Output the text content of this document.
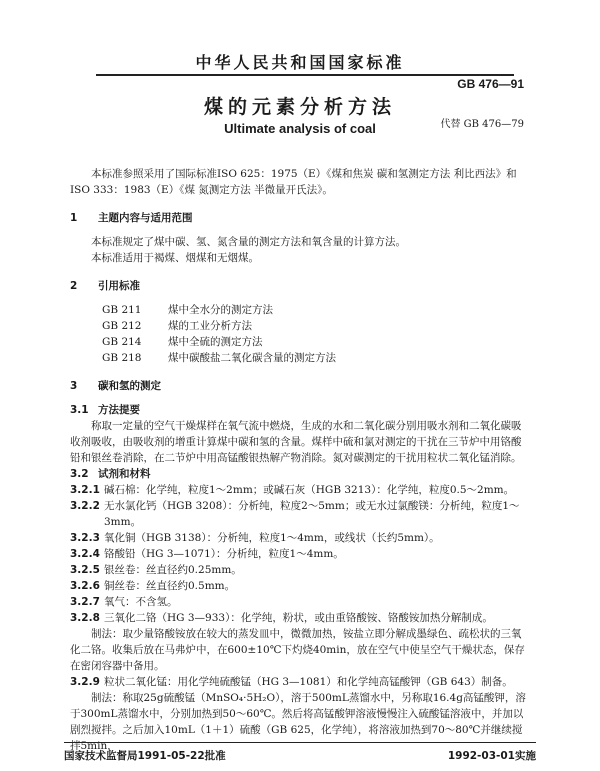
中华人民共和国国家标准
GB 476—91
煤的元素分析方法
代替 GB 476—79
Ultimate analysis of coal

本标准参照采用了国际标准ISO 625：1975（E）《煤和焦炭 碳和氢测定方法 利比西法》和ISO 333：1983（E）《煤 氮测定方法 半微量开氏法》。

1	主题内容与适用范围

本标准规定了煤中碳、氢、氮含量的测定方法和氧含量的计算方法。

本标准适用于褐煤、烟煤和无烟煤。

2	引用标准
GB 211	煤中全水分的测定方法
GB 212	煤的工业分析方法
GB 214	煤中全硫的测定方法
GB 218	煤中碳酸盐二氧化碳含量的测定方法
3	碳和氢的测定
3.1 方法提要

称取一定量的空气干燥煤样在氧气流中燃烧，生成的水和二氧化碳分别用吸水剂和二氧化碳吸收剂吸收，由吸收剂的增重计算煤中碳和氢的含量。煤样中硫和氯对测定的干扰在三节炉中用铬酸铅和银丝卷消除，在二节炉中用高锰酸银热解产物消除。氮对碳测定的干扰用粒状二氧化锰消除。

3.2 试剂和材料
3.2.1 碱石棉：化学纯，粒度1～2mm；或碱石灰（HGB 3213）：化学纯，粒度0.5～2mm。
3.2.2 无水氯化钙（HGB 3208）：分析纯，粒度2～5mm；或无水过氯酸镁：分析纯，粒度1～3mm。
3.2.3 氧化铜（HGB 3138）：分析纯，粒度1～4mm，或线状（长约5mm）。
3.2.4 铬酸铅（HG 3—1071）：分析纯，粒度1～4mm。
3.2.5 银丝卷：丝直径约0.25mm。
3.2.6 铜丝卷：丝直径约0.5mm。
3.2.7 氧气：不含氢。
3.2.8 三氧化二铬（HG 3—933）：化学纯，粉状，或由重铬酸铵、铬酸铵加热分解制成。

制法：取少量铬酸铵放在较大的蒸发皿中，微微加热，铵盐立即分解成墨绿色、疏松状的三氧化二铬。收集后放在马弗炉中，在600±10℃下灼烧40min，放在空气中使呈空气干燥状态，保存在密闭容器中备用。

3.2.9 粒状二氧化锰：用化学纯硫酸锰（HG 3—1081）和化学纯高锰酸钾（GB 643）制备。

制法：称取25g硫酸锰（MnSO₄·5H₂O），溶于500mL蒸馏水中，另称取16.4g高锰酸钾，溶于300mL蒸馏水中，分别加热到50～60℃。然后将高锰酸钾溶液慢慢注入硫酸锰溶液中，并加以剧烈搅拌。之后加入10mL（1＋1）硫酸（GB 625，化学纯），将溶液加热到70～80℃并继续搅拌5min，

国家技术监督局1991-05-22批准	1992-03-01实施
